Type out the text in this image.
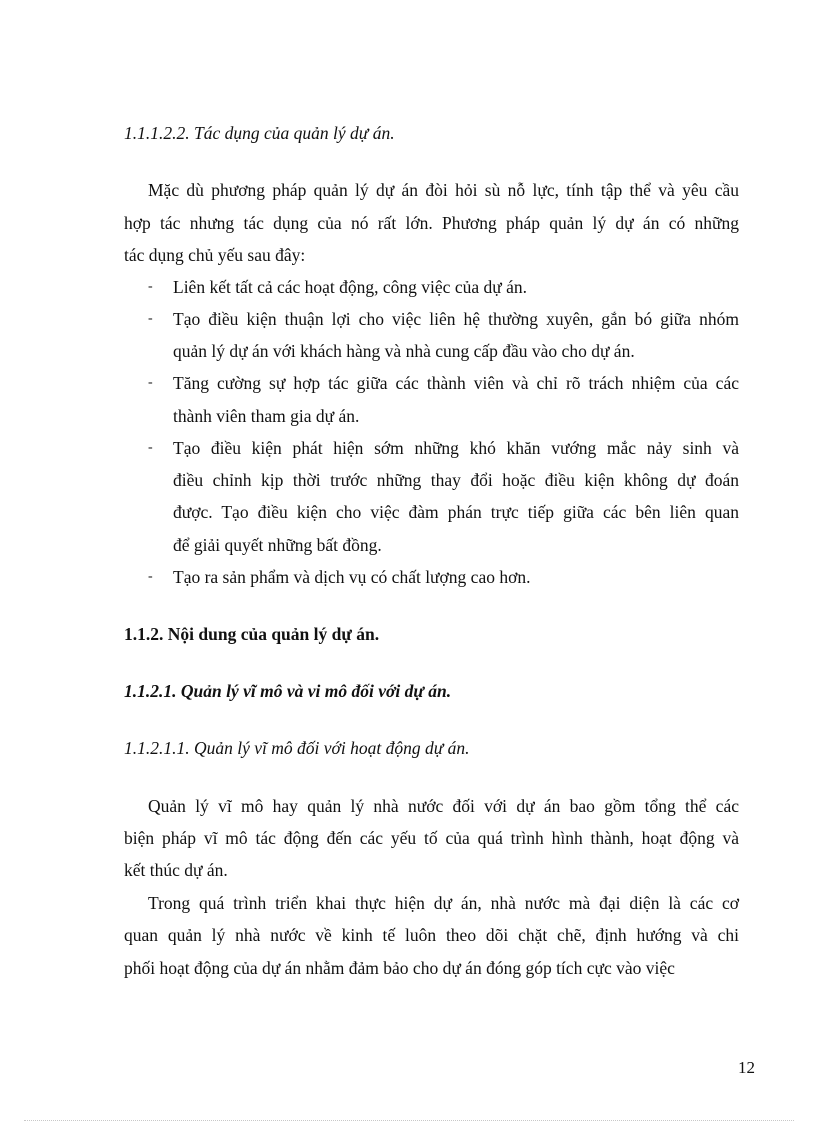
1.1.1.2.2. Tác dụng của quản lý dự án.
Mặc dù phương pháp quản lý dự án đòi hỏi sù nỗ lực, tính tập thể và yêu cầu
hợp tác nhưng tác dụng của nó rất lớn. Phương pháp quản lý dự án có những
tác dụng chủ yếu sau đây:
‐ Liên kết tất cả các hoạt động, công việc của dự án.
‐ Tạo điều kiện thuận lợi cho việc liên hệ thường xuyên, gắn bó giữa nhóm
quản lý dự án với khách hàng và nhà cung cấp đầu vào cho dự án.
‐ Tăng cường sự hợp tác giữa các thành viên và chỉ rõ trách nhiệm của các
thành viên tham gia dự án.
‐ Tạo điều kiện phát hiện sớm những khó khăn vướng mắc nảy sinh và
điều chỉnh kịp thời trước những thay đổi hoặc điều kiện không dự đoán
được. Tạo điều kiện cho việc đàm phán trực tiếp giữa các bên liên quan
để giải quyết những bất đồng.
‐ Tạo ra sản phẩm và dịch vụ có chất lượng cao hơn.
1.1.2. Nội dung của quản lý dự án.
1.1.2.1. Quản lý vĩ mô và vi mô đối với dự án.
1.1.2.1.1. Quản lý vĩ mô đối với hoạt động dự án.
Quản lý vĩ mô hay quản lý nhà nước đối với dự án bao gồm tổng thể các
biện pháp vĩ mô tác động đến các yếu tố của quá trình hình thành, hoạt động và
kết thúc dự án.
Trong quá trình triển khai thực hiện dự án, nhà nước mà đại diện là các cơ
quan quản lý nhà nước về kinh tế luôn theo dõi chặt chẽ, định hướng và chi
phối hoạt động của dự án nhằm đảm bảo cho dự án đóng góp tích cực vào việc
12
